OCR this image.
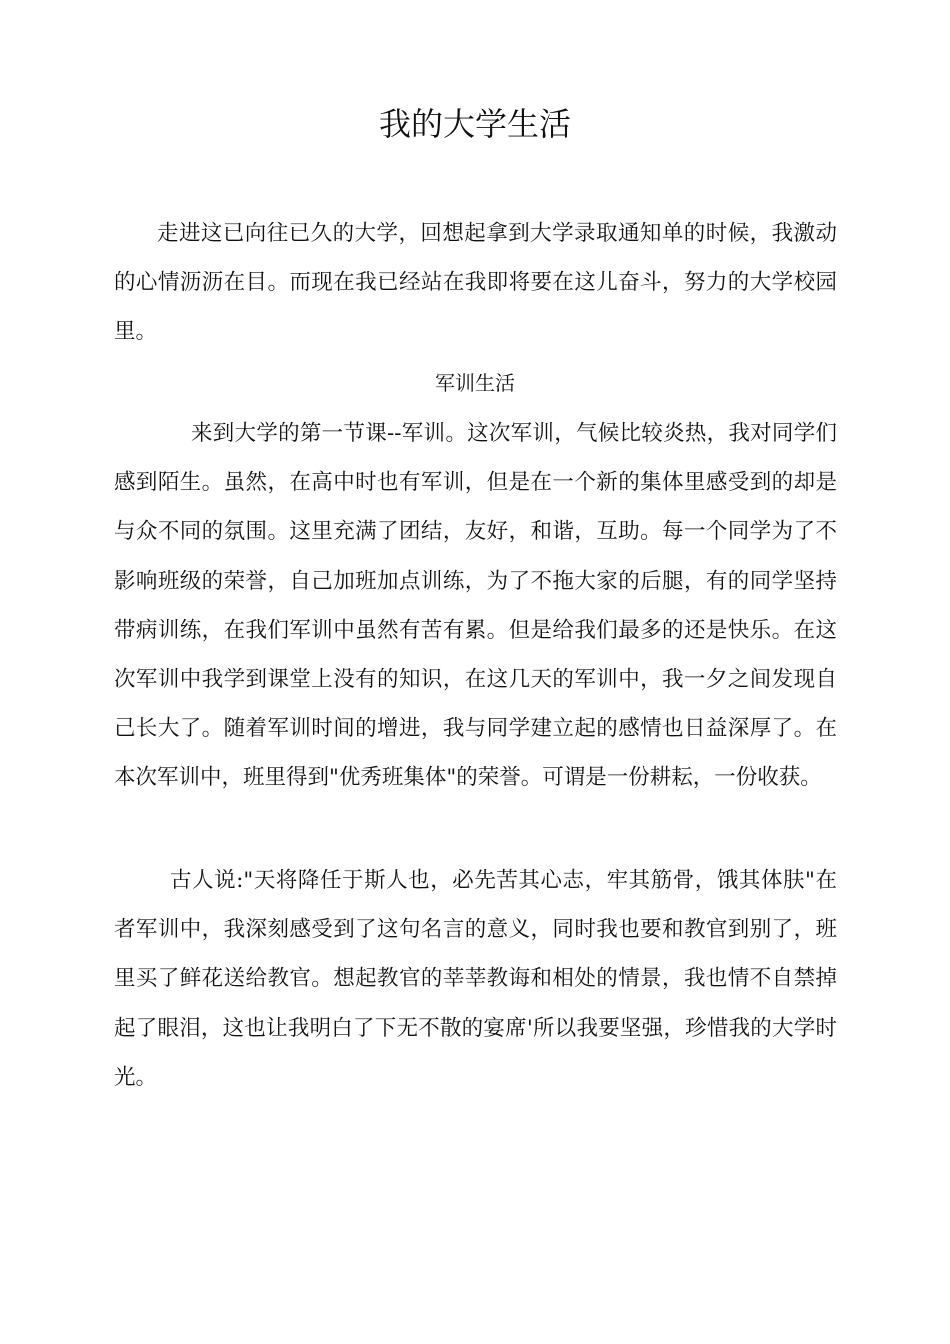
我的大学生活

走进这已向往已久的大学，回想起拿到大学录取通知单的时候，我激动的心情沥沥在目。而现在我已经站在我即将要在这儿奋斗，努力的大学校园里。

军训生活

来到大学的第一节课--军训。这次军训，气候比较炎热，我对同学们感到陌生。虽然，在高中时也有军训，但是在一个新的集体里感受到的却是与众不同的氛围。这里充满了团结，友好，和谐，互助。每一个同学为了不影响班级的荣誉，自己加班加点训练，为了不拖大家的后腿，有的同学坚持带病训练，在我们军训中虽然有苦有累。但是给我们最多的还是快乐。在这次军训中我学到课堂上没有的知识，在这几天的军训中，我一夕之间发现自己长大了。随着军训时间的增进，我与同学建立起的感情也日益深厚了。在本次军训中，班里得到"优秀班集体"的荣誉。可谓是一份耕耘，一份收获。

古人说:"天将降任于斯人也，必先苦其心志，牢其筋骨，饿其体肤"在者军训中，我深刻感受到了这句名言的意义，同时我也要和教官到别了，班里买了鲜花送给教官。想起教官的莘莘教诲和相处的情景，我也情不自禁掉起了眼泪，这也让我明白了下无不散的宴席'所以我要坚强，珍惜我的大学时光。
